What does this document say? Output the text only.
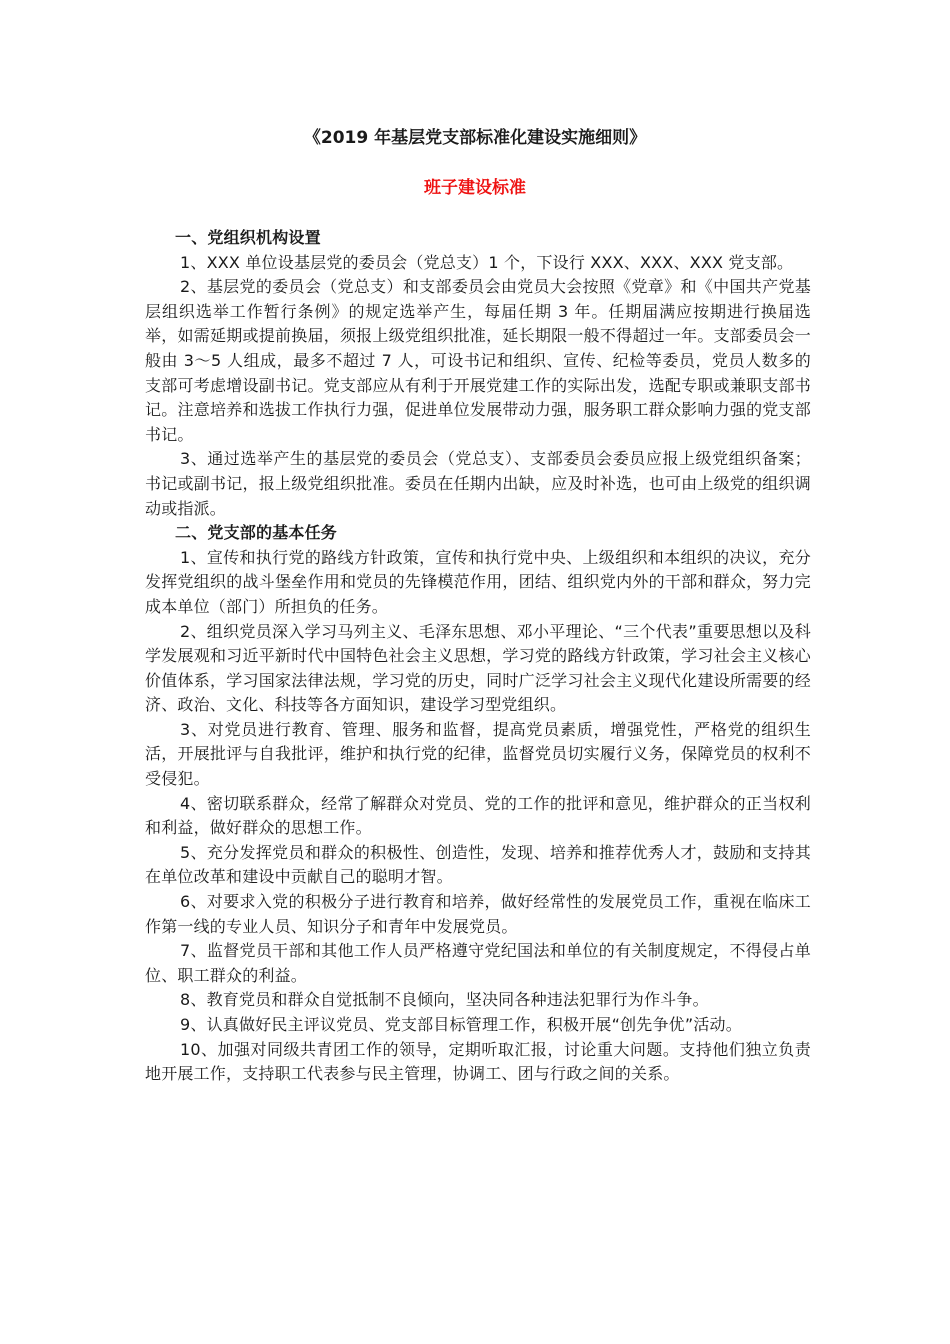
《2019 年基层党支部标准化建设实施细则》
班子建设标准

一、党组织机构设置

1、XXX 单位设基层党的委员会（党总支）1 个，下设行 XXX、XXX、XXX 党支部。

2、基层党的委员会（党总支）和支部委员会由党员大会按照《党章》和《中国共产党基层组织选举工作暂行条例》的规定选举产生，每届任期 3 年。任期届满应按期进行换届选举，如需延期或提前换届，须报上级党组织批准，延长期限一般不得超过一年。支部委员会一般由 3～5 人组成，最多不超过 7 人，可设书记和组织、宣传、纪检等委员，党员人数多的支部可考虑增设副书记。党支部应从有利于开展党建工作的实际出发，选配专职或兼职支部书记。注意培养和选拔工作执行力强，促进单位发展带动力强，服务职工群众影响力强的党支部书记。

3、通过选举产生的基层党的委员会（党总支）、支部委员会委员应报上级党组织备案；书记或副书记，报上级党组织批准。委员在任期内出缺，应及时补选，也可由上级党的组织调动或指派。

二、党支部的基本任务

1、宣传和执行党的路线方针政策，宣传和执行党中央、上级组织和本组织的决议，充分发挥党组织的战斗堡垒作用和党员的先锋模范作用，团结、组织党内外的干部和群众，努力完成本单位（部门）所担负的任务。

2、组织党员深入学习马列主义、毛泽东思想、邓小平理论、“三个代表”重要思想以及科学发展观和习近平新时代中国特色社会主义思想，学习党的路线方针政策，学习社会主义核心价值体系，学习国家法律法规，学习党的历史，同时广泛学习社会主义现代化建设所需要的经济、政治、文化、科技等各方面知识，建设学习型党组织。

3、对党员进行教育、管理、服务和监督，提高党员素质，增强党性，严格党的组织生活，开展批评与自我批评，维护和执行党的纪律，监督党员切实履行义务，保障党员的权利不受侵犯。

4、密切联系群众，经常了解群众对党员、党的工作的批评和意见，维护群众的正当权利和利益，做好群众的思想工作。

5、充分发挥党员和群众的积极性、创造性，发现、培养和推荐优秀人才，鼓励和支持其在单位改革和建设中贡献自己的聪明才智。

6、对要求入党的积极分子进行教育和培养，做好经常性的发展党员工作，重视在临床工作第一线的专业人员、知识分子和青年中发展党员。

7、监督党员干部和其他工作人员严格遵守党纪国法和单位的有关制度规定，不得侵占单位、职工群众的利益。

8、教育党员和群众自觉抵制不良倾向，坚决同各种违法犯罪行为作斗争。

9、认真做好民主评议党员、党支部目标管理工作，积极开展“创先争优”活动。

10、加强对同级共青团工作的领导，定期听取汇报，讨论重大问题。支持他们独立负责地开展工作，支持职工代表参与民主管理，协调工、团与行政之间的关系。
